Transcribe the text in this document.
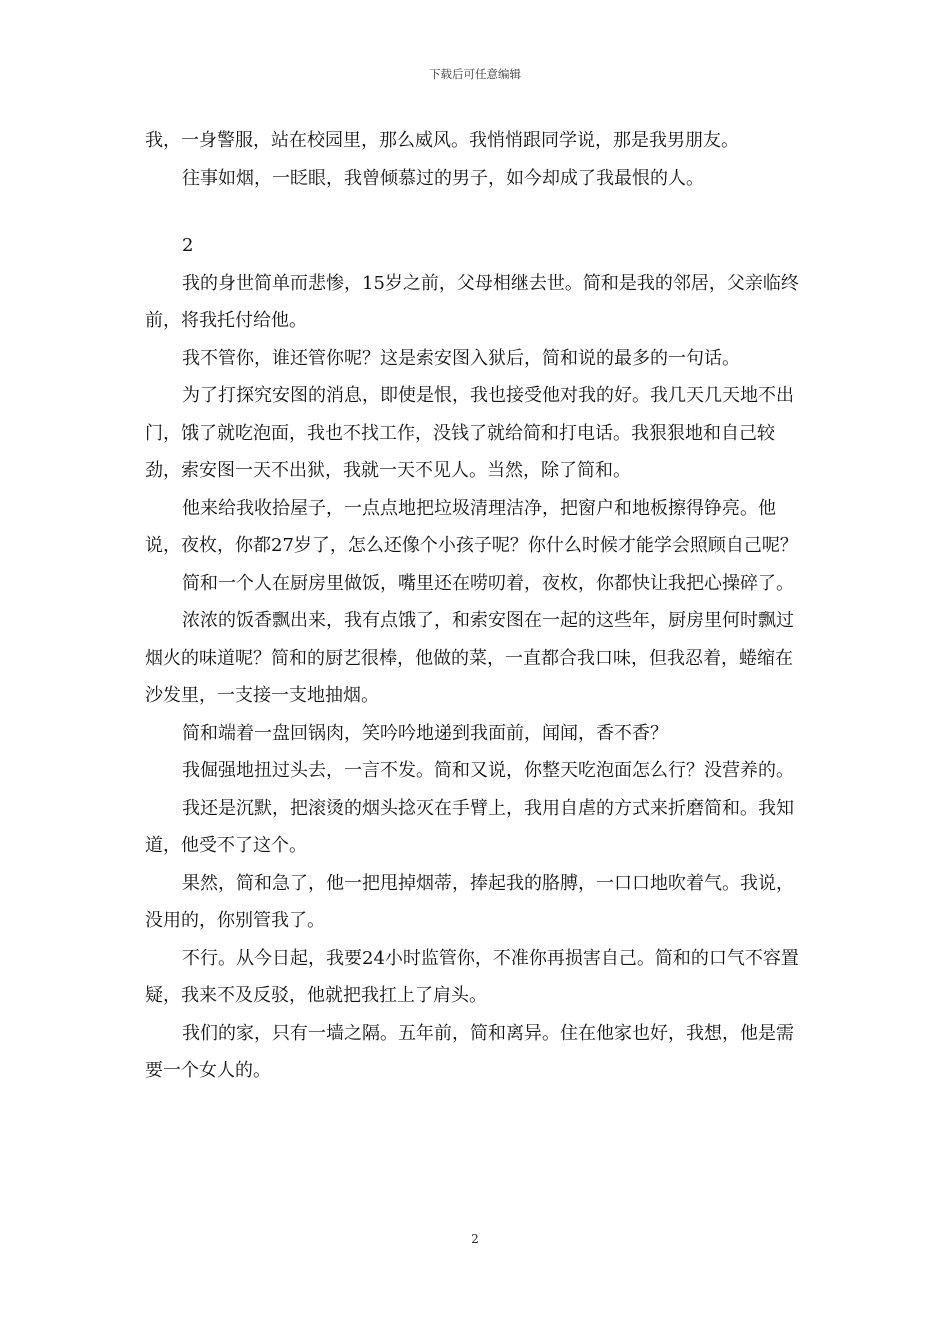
下载后可任意编辑

我，一身警服，站在校园里，那么威风。我悄悄跟同学说，那是我男朋友。

往事如烟，一眨眼，我曾倾慕过的男子，如今却成了我最恨的人。

2

我的身世简单而悲惨，15岁之前，父母相继去世。简和是我的邻居，父亲临终前，将我托付给他。

我不管你，谁还管你呢？这是索安图入狱后，简和说的最多的一句话。

为了打探究安图的消息，即使是恨，我也接受他对我的好。我几天几天地不出门，饿了就吃泡面，我也不找工作，没钱了就给简和打电话。我狠狠地和自己较劲，索安图一天不出狱，我就一天不见人。当然，除了简和。

他来给我收拾屋子，一点点地把垃圾清理洁净，把窗户和地板擦得铮亮。他说，夜枚，你都27岁了，怎么还像个小孩子呢？你什么时候才能学会照顾自己呢？

简和一个人在厨房里做饭，嘴里还在唠叨着，夜枚，你都快让我把心操碎了。

浓浓的饭香飘出来，我有点饿了，和索安图在一起的这些年，厨房里何时飘过烟火的味道呢？简和的厨艺很棒，他做的菜，一直都合我口味，但我忍着，蜷缩在沙发里，一支接一支地抽烟。

简和端着一盘回锅肉，笑吟吟地递到我面前，闻闻，香不香？

我倔强地扭过头去，一言不发。简和又说，你整天吃泡面怎么行？没营养的。

我还是沉默，把滚烫的烟头捻灭在手臂上，我用自虐的方式来折磨简和。我知道，他受不了这个。

果然，简和急了，他一把甩掉烟蒂，捧起我的胳膊，一口口地吹着气。我说，没用的，你别管我了。

不行。从今日起，我要24小时监管你，不准你再损害自己。简和的口气不容置疑，我来不及反驳，他就把我扛上了肩头。

我们的家，只有一墙之隔。五年前，简和离异。住在他家也好，我想，他是需要一个女人的。

2
